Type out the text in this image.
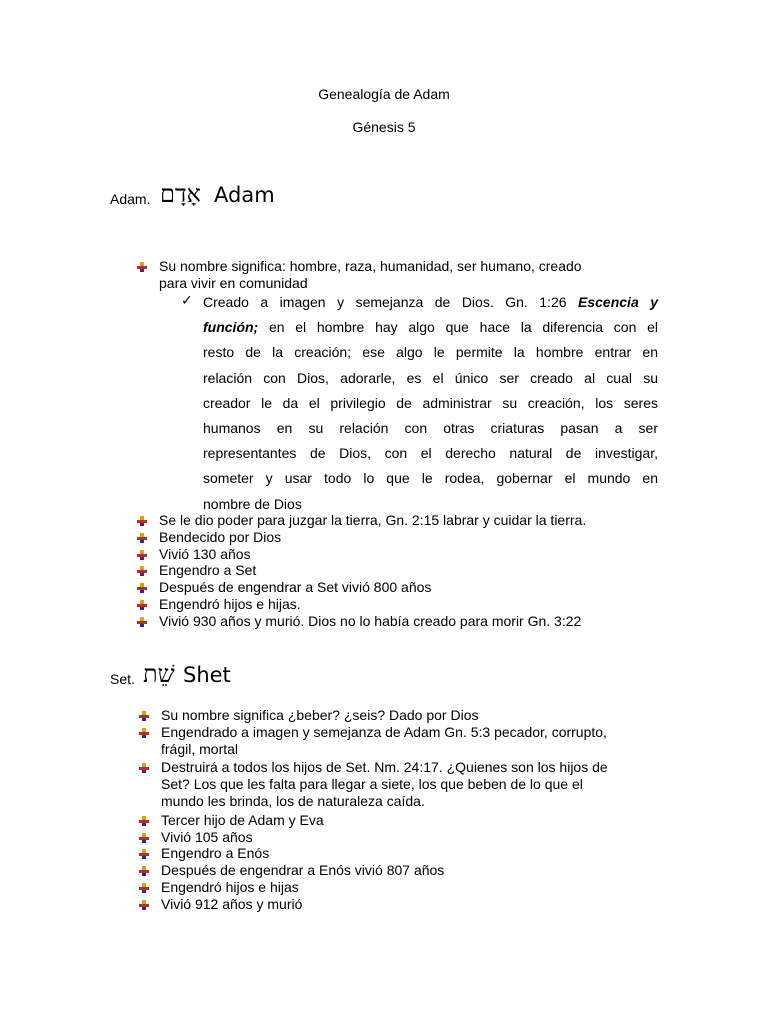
Genealogía de Adam
Génesis 5
Adam. אָדָם Adam
Su nombre significa: hombre, raza, humanidad, ser humano, creado
para vivir en comunidad
✓ Creado a imagen y semejanza de Dios. Gn. 1:26 Escencia y
función; en el hombre hay algo que hace la diferencia con el
resto de la creación; ese algo le permite la hombre entrar en
relación con Dios, adorarle, es el único ser creado al cual su
creador le da el privilegio de administrar su creación, los seres
humanos en su relación con otras criaturas pasan a ser
representantes de Dios, con el derecho natural de investigar,
someter y usar todo lo que le rodea, gobernar el mundo en
nombre de Dios
Se le dio poder para juzgar la tierra, Gn. 2:15 labrar y cuidar la tierra.
Bendecido por Dios
Vivió 130 años
Engendro a Set
Después de engendrar a Set vivió 800 años
Engendró hijos e hijas.
Vivió 930 años y murió. Dios no lo había creado para morir Gn. 3:22
Set. שֵׁת Shet
Su nombre significa ¿beber? ¿seis? Dado por Dios
Engendrado a imagen y semejanza de Adam Gn. 5:3 pecador, corrupto,
frágil, mortal
Destruirá a todos los hijos de Set. Nm. 24:17. ¿Quienes son los hijos de
Set? Los que les falta para llegar a siete, los que beben de lo que el
mundo les brinda, los de naturaleza caída.
Tercer hijo de Adam y Eva
Vivió 105 años
Engendro a Enós
Después de engendrar a Enós vivió 807 años
Engendró hijos e hijas
Vivió 912 años y murió
